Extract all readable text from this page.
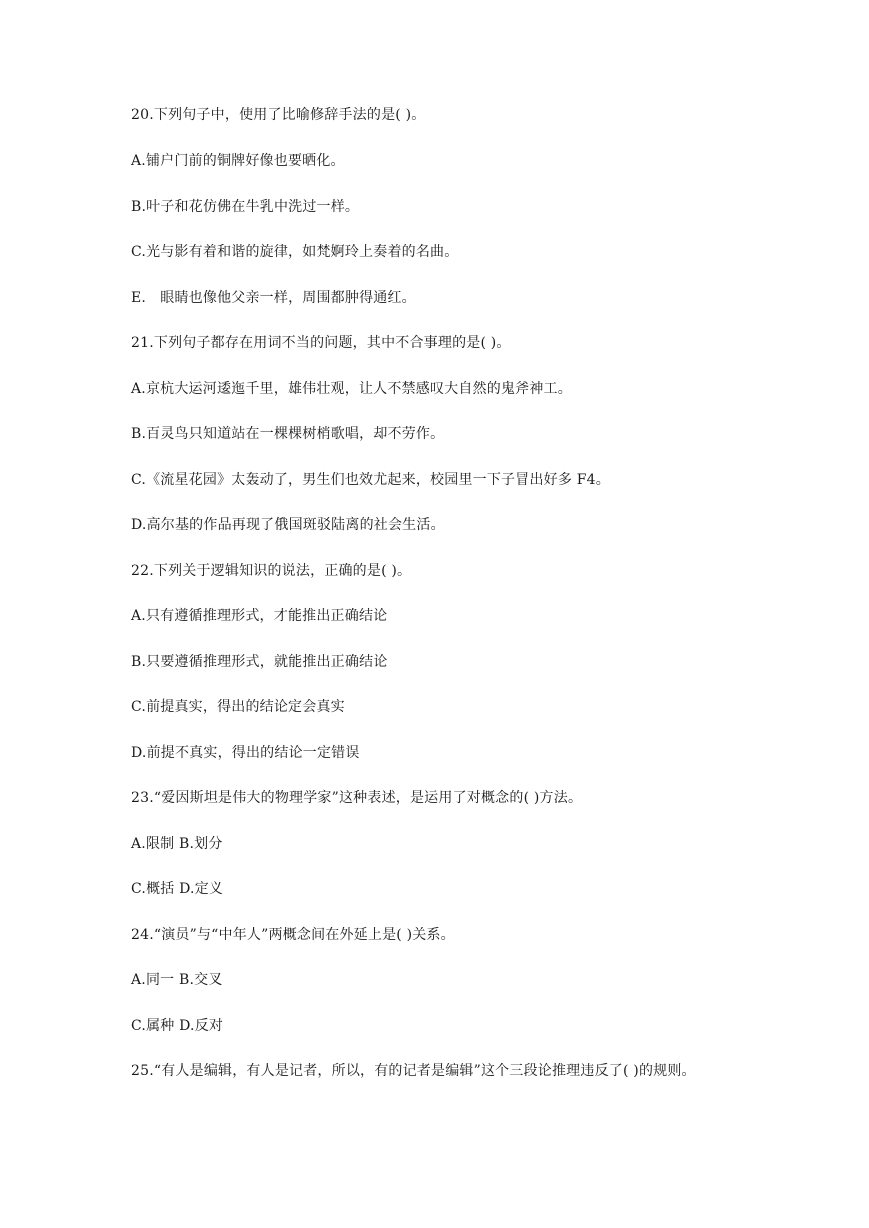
20.下列句子中，使用了比喻修辞手法的是( )。
A.铺户门前的铜牌好像也要晒化。
B.叶子和花仿佛在牛乳中洗过一样。
C.光与影有着和谐的旋律，如梵婀玲上奏着的名曲。
E.　眼睛也像他父亲一样，周围都肿得通红。
21.下列句子都存在用词不当的问题，其中不合事理的是( )。
A.京杭大运河逶迤千里，雄伟壮观，让人不禁感叹大自然的鬼斧神工。
B.百灵鸟只知道站在一棵棵树梢歌唱，却不劳作。
C.《流星花园》太轰动了，男生们也效尤起来，校园里一下子冒出好多 F4。
D.高尔基的作品再现了俄国斑驳陆离的社会生活。
22.下列关于逻辑知识的说法，正确的是( )。
A.只有遵循推理形式，才能推出正确结论
B.只要遵循推理形式，就能推出正确结论
C.前提真实，得出的结论定会真实
D.前提不真实，得出的结论一定错误
23.“爱因斯坦是伟大的物理学家”这种表述，是运用了对概念的( )方法。
A.限制 B.划分
C.概括 D.定义
24.“演员”与“中年人”两概念间在外延上是( )关系。
A.同一 B.交叉
C.属种 D.反对
25.“有人是编辑，有人是记者，所以，有的记者是编辑”这个三段论推理违反了( )的规则。
